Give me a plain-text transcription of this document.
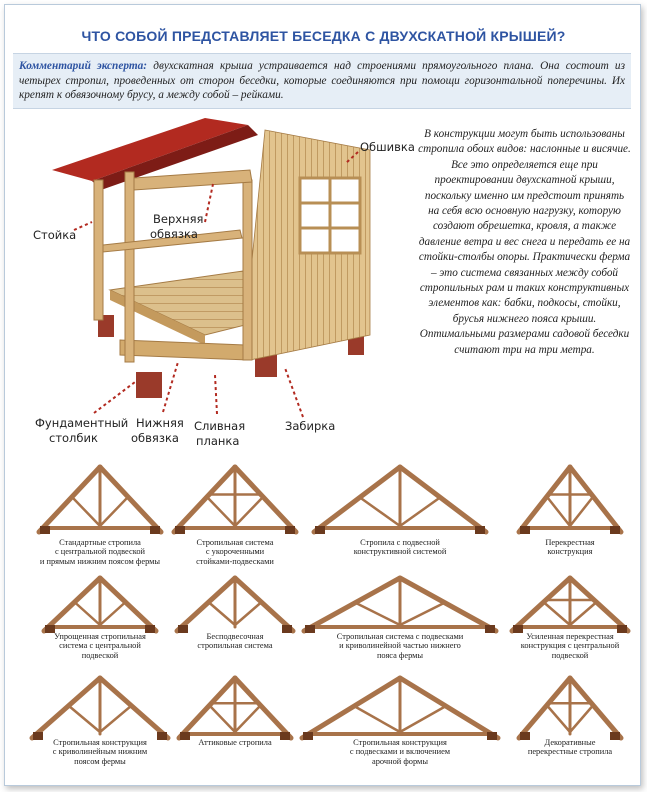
ЧТО СОБОЙ ПРЕДСТАВЛЯЕТ БЕСЕДКА С ДВУХСКАТНОЙ КРЫШЕЙ?
Комментарий эксперта: двухскатная крыша устраивается над строениями прямоугольного плана. Она состоит из четырех стропил, проведенных от сторон беседки, которые соединяются при помощи горизонтальной поперечины. Их крепят к обвязочному брусу, а между собой – рейками.
Обшивка
Стойка
Верхняя
обвязка
Фундаментный
столбик
Нижняя
обвязка
Сливная
планка
Забирка
В конструкции могут быть использованы стропила обоих видов: наслонные и висячие. Все это определяется еще при проектировании двухскатной крыши, поскольку именно им предстоит принять на себя всю основную нагрузку, которую создают обрешетка, кровля, а также давление ветра и вес снега и передать ее на стойки-столбы опоры. Практически ферма – это система связанных между собой стропильных рам и таких конструктивных элементов как: бабки, подкосы, стойки, брусья нижнего пояса крыши. Оптимальными размерами садовой беседки считают три на три метра.
Стандартные стропила
с центральной подвеской
и прямым нижним поясом фермы
Стропильная система
с укороченными
стойками-подвесками
Стропила с подвесной
конструктивной системой
Перекрестная
конструкция
Упрощенная стропильная
система с центральной
подвеской
Бесподвесочная
стропильная система
Стропильная система с подвесками
и криволинейной частью нижнего
пояса фермы
Усиленная перекрестная
конструкция с центральной
подвеской
Стропильная конструкция
с криволинейным нижним
поясом фермы
Аттиковые стропила	Стропильная конструкция
с подвесками и включением
арочной формы
Декоративные
перекрестные стропила
